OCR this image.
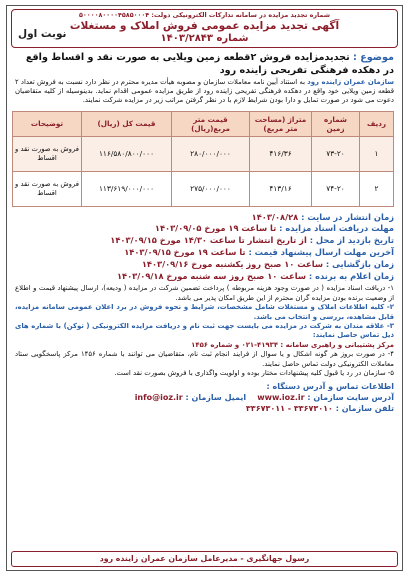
شماره تجدید مزایده در سامانه تدارکات الکترونیکی دولت: ۵۰۰۰۰۸۰۰۰۰۴۵۸۵۰۰۰۴
آگهی تجدید مزایده عمومی فروش املاک و مستغلات
شماره ۱۴۰۳/۲۸۴۳
نوبت اول
موضوع : تجدیدمزایده فروش ۲قطعه زمین ویلایی به صورت نقد و اقساط واقع در دهکده فرهنگی تفریحی زاینده رود
سازمان عمران زاینده رود به استناد آیین نامه معاملات سازمان و مصوبه هیأت مدیره محترم در نظر دارد نسبت به فروش تعداد ۲ قطعه زمین ویلایی خود واقع در دهکده فرهنگی تفریحی زاینده رود از طریق مزایده عمومی اقدام نماید. بدینوسیله از کلیه متقاضیان دعوت می شود در صورت تمایل و دارا بودن شرایط لازم با در نظر گرفتن مراتب زیر در مزایده شرکت نمایند.
ردیف	شماره زمین	متراژ (مساحت متر مربع)	قیمت متر مربع(ریال)	قیمت کل (ریال)	توضیحات
۱	۷۳-۲۰	۴۱۶/۳۶	۲۸۰/۰۰۰/۰۰۰	۱۱۶/۵۸۰/۸۰۰/۰۰۰	فروش به صورت نقد و اقساط
۲	۷۴-۲۰	۴۱۳/۱۶	۲۷۵/۰۰۰/۰۰۰	۱۱۳/۶۱۹/۰۰۰/۰۰۰	فروش به صورت نقد و اقساط
زمان انتشار در سایت : ۱۴۰۳/۰۸/۲۸
مهلت دریافت اسناد مزایده : تا ساعت ۱۹ مورخ ۱۴۰۳/۰۹/۰۵
تاریخ بازدید از محل : از تاریخ انتشار تا ساعت ۱۴/۳۰ مورخ ۱۴۰۳/۰۹/۱۵
آخرین مهلت ارسال پیشنهاد قیمت : تا ساعت ۱۹ مورخ ۱۴۰۳/۰۹/۱۵
زمان بازگشایی : ساعت ۱۰ صبح روز یکشنبه مورخ ۱۴۰۳/۰۹/۱۶
زمان اعلام به برنده : ساعت ۱۰ صبح روز سه شنبه مورخ ۱۴۰۳/۰۹/۱۸
۱- دریافت اسناد مزایده ( در صورت وجود هزینه مربوطه ) پرداخت تضمین شرکت در مزایده ( ودیعه)، ارسال پیشنهاد قیمت و اطلاع از وضعیت برنده بودن مزایده گران محترم از این طریق امکان پذیر می باشد.
۲- کلیه اطلاعات املاک و مستغلات شامل مشخصات، شرایط و نحوه فروش در برد اعلان عمومی سامانه مزایده، قابل مشاهده، بررسی و انتخاب می باشد.
۳- علاقه مندان به شرکت در مزایده می بایست جهت ثبت نام و دریافت مزایده الکترونیکی ( توکن) با شماره های ذیل تماس حاصل نمایند:
مرکز پشتیبانی و راهبری سامانه : ۴۱۹۳۴-۰۲۱ و شماره ۱۴۵۶
۴- در صورت بروز هر گونه اشکال و یا سوال از فرایند انجام ثبت نام، متقاضیان می توانند با شماره ۱۴۵۶ مرکز پاسخگویی ستاد معاملات الکترونیکی دولت تماس حاصل نمایند.
۵- سازمان در رد یا قبول کلیه پیشنهادات مختار بوده و اولویت واگذاری با فروش بصورت نقد است.
اطلاعات تماس و آدرس دستگاه :
آدرس سایت سازمان : www.ioz.ir    ایمیل سازمان : info@ioz.ir
تلفن سازمان : ۳۳۶۷۳۰۱۰ - ۳۳۶۷۳۰۱۱
رسول جهانگیری - مدیرعامل سازمان عمران زاینده رود
